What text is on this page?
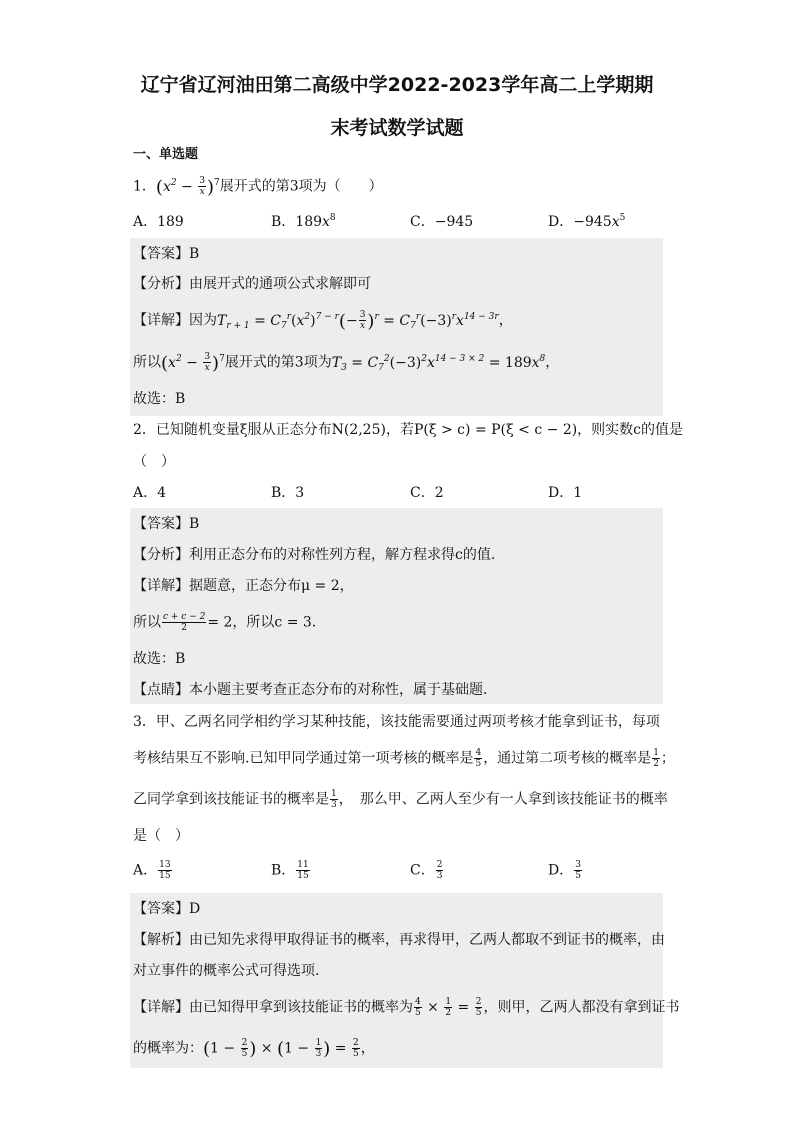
辽宁省辽河油田第二高级中学2022-2023学年高二上学期期
末考试数学试题
一、单选题
1．$(x^2 - \frac{3}{x} )^7$展开式的第3项为（　　）
A．189	B．$189x^8$	C．−945	D．$-945x^5$
【答案】B
【分析】由展开式的通项公式求解即可
【详解】因为$T_{r + 1} = C_7^r(x^2)^{7 - r}(- \frac{3}{x} )^r = C_7^r(-3)^rx^{14 - 3r}$，
所以$(x^2 - \frac{3}{x} )^7$展开式的第3项为$T_3 = C_7^2(-3)^2x^{14 - 3 \times 2} = 189x^8$，
故选：B
2．已知随机变量ξ服从正态分布N(2,25)，若P(ξ > c) = P(ξ < c − 2)，则实数c的值是
（　）
A．4	B．3	C．2	D．1
【答案】B
【分析】利用正态分布的对称性列方程，解方程求得c的值.
【详解】据题意，正态分布μ = 2，
所以 $\frac{c + c - 2}{2} = 2$，所以c = 3.
故选：B
【点睛】本小题主要考查正态分布的对称性，属于基础题.
3．甲、乙两名同学相约学习某种技能，该技能需要通过两项考核才能拿到证书，每项
考核结果互不影响.已知甲同学通过第一项考核的概率是 $\frac{4}{5}$ ，通过第二项考核的概率是 $\frac{1}{2}$ ；
乙同学拿到该技能证书的概率是 $\frac{1}{3}$ ，　那么甲、乙两人至少有一人拿到该技能证书的概率
是（　）
A． $\frac{13}{15}$	B． $\frac{11}{15}$	C． $\frac{2}{3}$	D． $\frac{3}{5}$
【答案】D
【解析】由已知先求得甲取得证书的概率，再求得甲，乙两人都取不到证书的概率，由
对立事件的概率公式可得选项.
【详解】由已知得甲拿到该技能证书的概率为 $\frac{4}{5} \times \frac{1}{2} = \frac{2}{5}$ ，则甲，乙两人都没有拿到证书
的概率为：($1 - \frac{2}{5}$ ) × ($1 - \frac{1}{3}$ ) = $\frac{2}{5}$ ，
